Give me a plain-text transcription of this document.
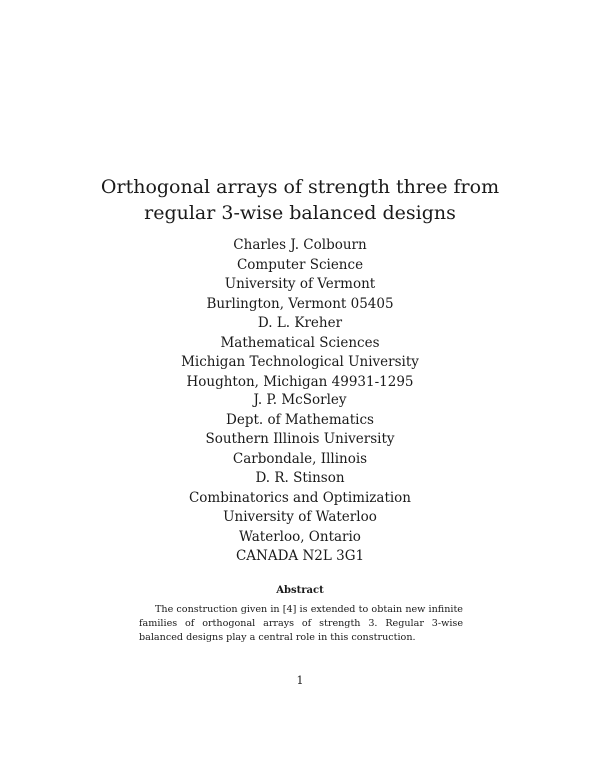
Orthogonal arrays of strength three from
regular 3-wise balanced designs
Charles J. Colbourn
Computer Science
University of Vermont
Burlington, Vermont 05405
D. L. Kreher
Mathematical Sciences
Michigan Technological University
Houghton, Michigan 49931-1295
J. P. McSorley
Dept. of Mathematics
Southern Illinois University
Carbondale, Illinois
D. R. Stinson
Combinatorics and Optimization
University of Waterloo
Waterloo, Ontario
CANADA N2L 3G1
Abstract

The construction given in [4] is extended to obtain new infinite families of orthogonal arrays of strength 3. Regular 3-wise balanced designs play a central role in this construction.

1
